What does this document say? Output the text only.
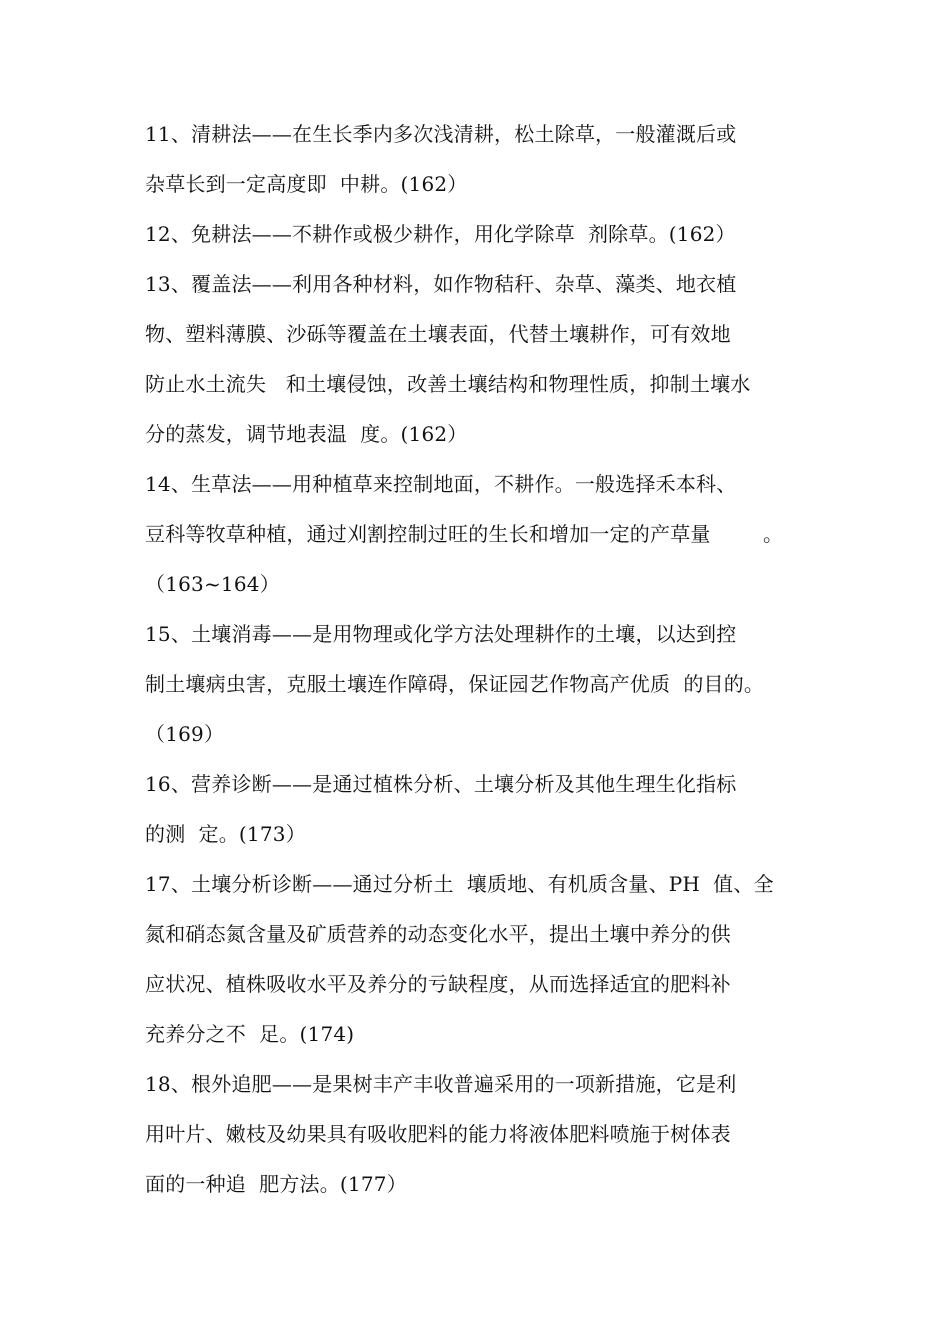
11、清耕法——在生长季内多次浅清耕，松土除草，一般灌溉后或
杂草长到一定高度即  中耕。(162）
12、免耕法——不耕作或极少耕作，用化学除草  剂除草。(162）
13、覆盖法——利用各种材料，如作物秸秆、杂草、藻类、地衣植
物、塑料薄膜、沙砾等覆盖在土壤表面，代替土壤耕作，可有效地
防止水土流失   和土壤侵蚀，改善土壤结构和物理性质，抑制土壤水
分的蒸发，调节地表温  度。(162）
14、生草法——用种植草来控制地面，不耕作。一般选择禾本科、
豆科等牧草种植，通过刈割控制过旺的生长和增加一定的产草量        。
（163~164）
15、土壤消毒——是用物理或化学方法处理耕作的土壤，以达到控
制土壤病虫害，克服土壤连作障碍，保证园艺作物高产优质  的目的。
（169）
16、营养诊断——是通过植株分析、土壤分析及其他生理生化指标
的测  定。(173）
17、土壤分析诊断——通过分析土  壤质地、有机质含量、PH  值、全
氮和硝态氮含量及矿质营养的动态变化水平，提出土壤中养分的供
应状况、植株吸收水平及养分的亏缺程度，从而选择适宜的肥料补
充养分之不  足。(174)
18、根外追肥——是果树丰产丰收普遍采用的一项新措施，它是利
用叶片、嫩枝及幼果具有吸收肥料的能力将液体肥料喷施于树体表
面的一种追  肥方法。(177）
